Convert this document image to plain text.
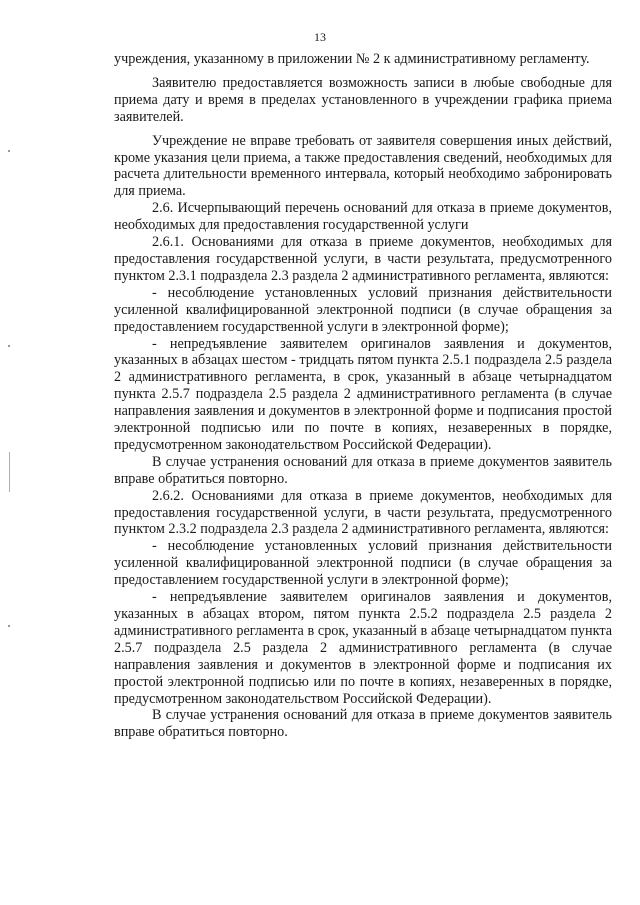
13

учреждения, указанному в приложении № 2 к административному регламенту.

Заявителю предоставляется возможность записи в любые свободные для приема дату и время в пределах установленного в учреждении графика приема заявителей.

Учреждение не вправе требовать от заявителя совершения иных действий, кроме указания цели приема, а также предоставления сведений, необходимых для расчета длительности временного интервала, который необходимо забронировать для приема.

2.6. Исчерпывающий перечень оснований для отказа в приеме документов, необходимых для предоставления государственной услуги

2.6.1. Основаниями для отказа в приеме документов, необходимых для предоставления государственной услуги, в части результата, предусмотренного пунктом 2.3.1 подраздела 2.3 раздела 2 административного регламента, являются:

- несоблюдение установленных условий признания действительности усиленной квалифицированной электронной подписи (в случае обращения за предоставлением государственной услуги в электронной форме);

- непредъявление заявителем оригиналов заявления и документов, указанных в абзацах шестом - тридцать пятом пункта 2.5.1 подраздела 2.5 раздела 2 административного регламента, в срок, указанный в абзаце четырнадцатом пункта 2.5.7 подраздела 2.5 раздела 2 административного регламента (в случае направления заявления и документов в электронной форме и подписания простой электронной подписью или по почте в копиях, незаверенных в порядке, предусмотренном законодательством Российской Федерации).

В случае устранения оснований для отказа в приеме документов заявитель вправе обратиться повторно.

2.6.2. Основаниями для отказа в приеме документов, необходимых для предоставления государственной услуги, в части результата, предусмотренного пунктом 2.3.2 подраздела 2.3 раздела 2 административного регламента, являются:

- несоблюдение установленных условий признания действительности усиленной квалифицированной электронной подписи (в случае обращения за предоставлением государственной услуги в электронной форме);

- непредъявление заявителем оригиналов заявления и документов, указанных в абзацах втором, пятом пункта 2.5.2 подраздела 2.5 раздела 2 административного регламента в срок, указанный в абзаце четырнадцатом пункта 2.5.7 подраздела 2.5 раздела 2 административного регламента (в случае направления заявления и документов в электронной форме и подписания их простой электронной подписью или по почте в копиях, незаверенных в порядке, предусмотренном законодательством Российской Федерации).

В случае устранения оснований для отказа в приеме документов заявитель вправе обратиться повторно.
